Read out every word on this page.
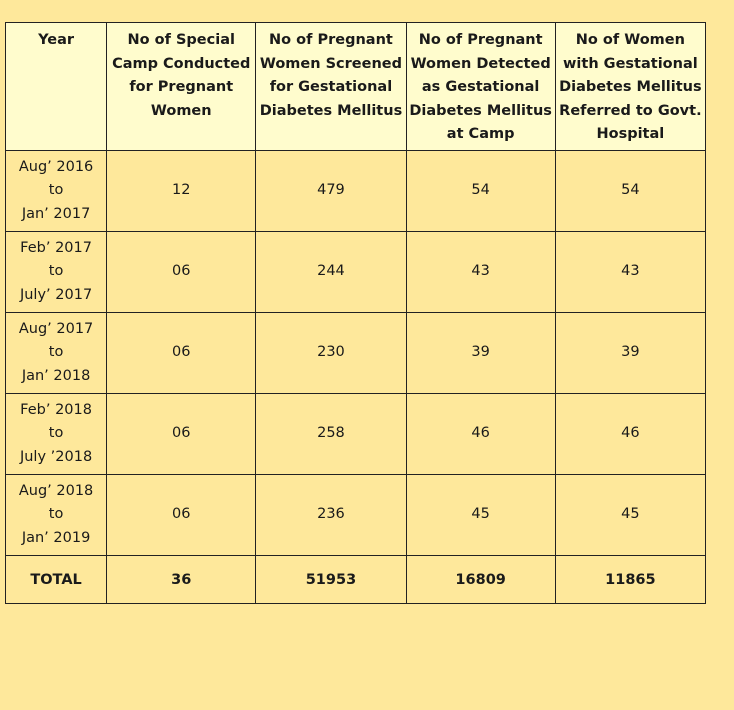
Year	No of Special
Camp Conducted
for Pregnant
Women	No of Pregnant
Women Screened
for Gestational
Diabetes Mellitus	No of Pregnant
Women Detected
as Gestational
Diabetes Mellitus
at Camp	No of Women
with Gestational
Diabetes Mellitus
Referred to Govt.
Hospital

Aug’ 2016
to
Jan’ 2017	12	479	54	54

Feb’ 2017
to
July’ 2017	06	244	43	43

Aug’ 2017
to
Jan’ 2018	06	230	39	39

Feb’ 2018
to
July ’2018	06	258	46	46

Aug’ 2018
to
Jan’ 2019	06	236	45	45
TOTAL	36	51953	16809	11865
